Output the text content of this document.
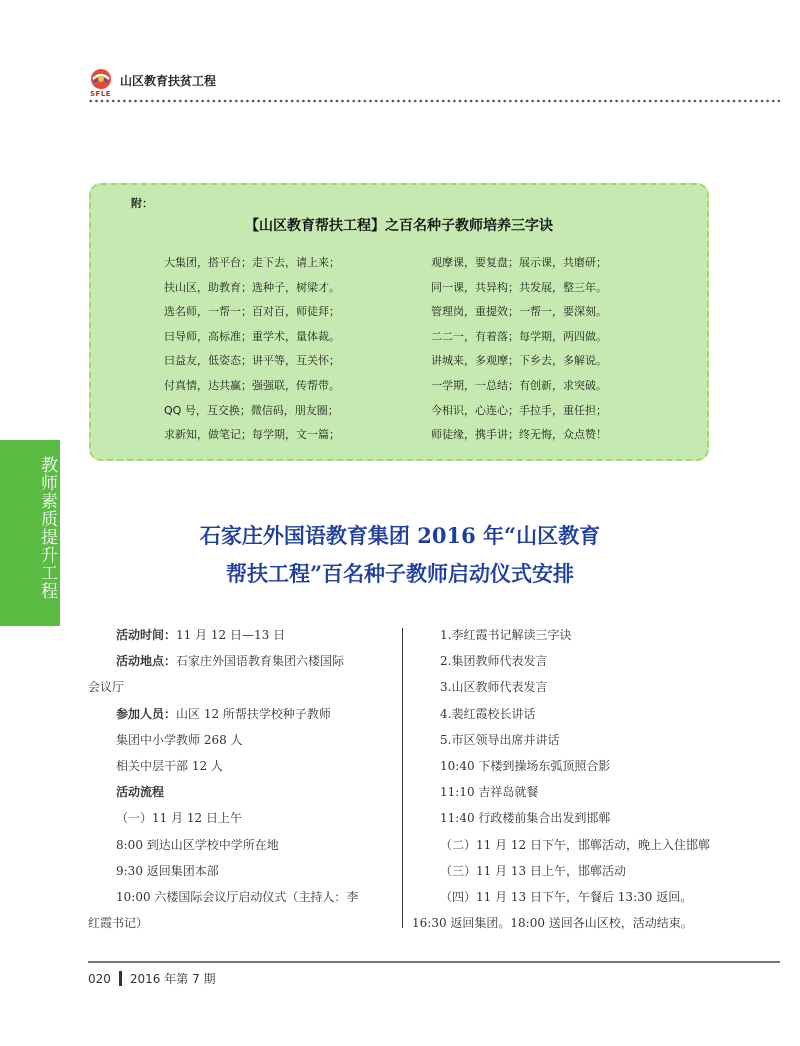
山区教育扶贫工程
SFLE
附：
【山区教育帮扶工程】之百名种子教师培养三字诀
大集团，搭平台；走下去，请上来；
扶山区，助教育；选种子，树梁才。
选名师，一帮一；百对百，师徒拜；
曰导师，高标准；重学术，量体裁。
曰益友，低姿态；讲平等，互关怀；
付真情，达共赢；强强联，传帮带。
QQ 号，互交换；微信码，朋友圈；
求新知，做笔记；每学期，文一篇；
观摩课，要复盘；展示课，共磨研；
同一课，共异构；共发展，整三年。
管理岗，重提效；一帮一，要深刻。
二二一，有着落；每学期，两四做。
讲城来，多观摩；下乡去，多解说。
一学期，一总结；有创新，求突破。
今相识，心连心；手拉手，重任担；
师徒缘，携手讲；终无悔，众点赞！
教师素质提升工程	石家庄外国语教育集团 2016 年“山区教育
帮扶工程”百名种子教师启动仪式安排
活动时间：11 月 12 日—13 日
活动地点：石家庄外国语教育集团六楼国际
会议厅
参加人员：山区 12 所帮扶学校种子教师
集团中小学教师 268 人
相关中层干部 12 人
活动流程
（一）11 月 12 日上午
8:00 到达山区学校中学所在地
9:30 返回集团本部
10:00 六楼国际会议厅启动仪式（主持人：李
红霞书记）
1.李红霞书记解读三字诀
2.集团教师代表发言
3.山区教师代表发言
4.裴红霞校长讲话
5.市区领导出席并讲话
10:40 下楼到操场东弧顶照合影
11:10 吉祥岛就餐
11:40 行政楼前集合出发到邯郸
（二）11 月 12 日下午，邯郸活动，晚上入住邯郸
（三）11 月 13 日上午，邯郸活动
（四）11 月 13 日下午，午餐后 13:30 返回。
16:30 返回集团。18:00 送回各山区校，活动结束。
020 2016 年第 7 期
